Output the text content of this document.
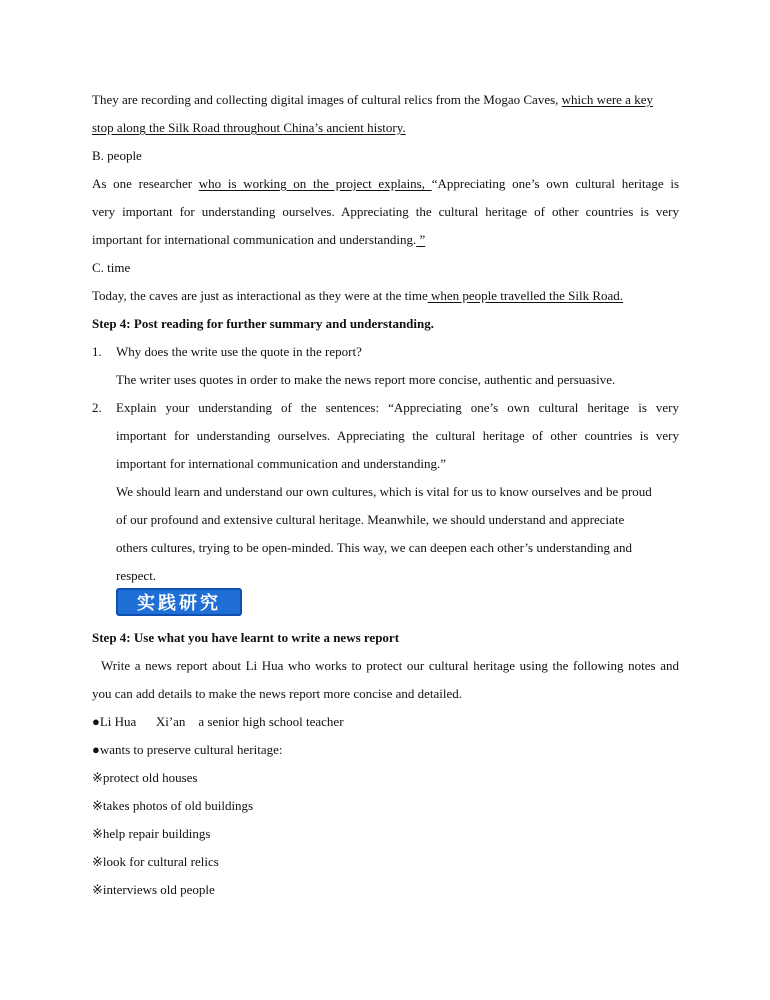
They are recording and collecting digital images of cultural relics from the Mogao Caves, which were a key
stop along the Silk Road throughout China’s ancient history.
B. people
As one researcher who is working on the project explains, “Appreciating one’s own cultural heritage is
very important for understanding ourselves. Appreciating the cultural heritage of other countries is very
important for international communication and understanding. ”
C. time
Today, the caves are just as interactional as they were at the time when people travelled the Silk Road.
Step 4: Post reading for further summary and understanding.
1. Why does the write use the quote in the report?
The writer uses quotes in order to make the news report more concise, authentic and persuasive.
2. Explain your understanding of the sentences: “Appreciating one’s own cultural heritage is very
important for understanding ourselves. Appreciating the cultural heritage of other countries is very
important for international communication and understanding.”
We should learn and understand our own cultures, which is vital for us to know ourselves and be proud
of our profound and extensive cultural heritage. Meanwhile, we should understand and appreciate
others cultures, trying to be open-minded. This way, we can deepen each other’s understanding and
respect.
实践研究
Step 4: Use what you have learnt to write a news report
Write a news report about Li Hua who works to protect our cultural heritage using the following notes and
you can add details to make the news report more concise and detailed.
●Li Hua      Xi’an    a senior high school teacher
●wants to preserve cultural heritage:
※protect old houses
※takes photos of old buildings
※help repair buildings
※look for cultural relics
※interviews old people
